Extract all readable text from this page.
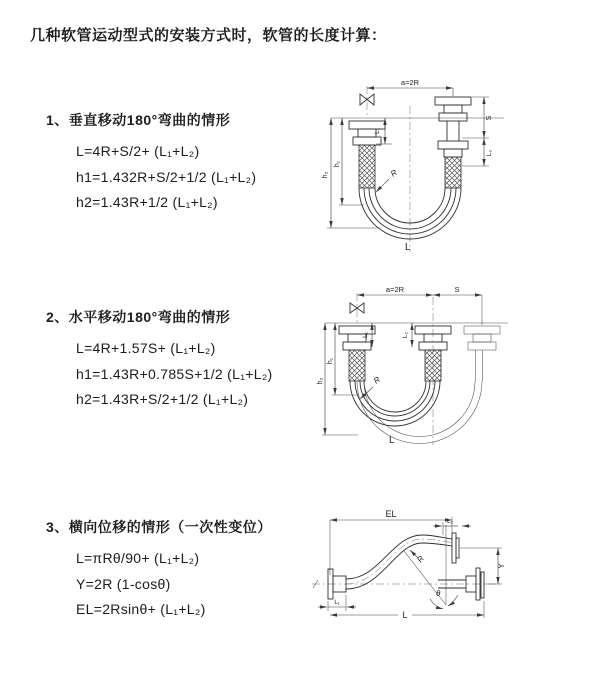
几种软管运动型式的安装方式时，软管的长度计算：
1、垂直移动180°弯曲的情形
L=4R+S/2+ (L₁+L₂)
h1=1.432R+S/2+1/2 (L₁+L₂)
h2=1.43R+1/2 (L₁+L₂)
2、水平移动180°弯曲的情形
L=4R+1.57S+ (L₁+L₂)
h1=1.43R+0.785S+1/2 (L₁+L₂)
h2=1.43R+S/2+1/2 (L₁+L₂)
3、横向位移的情形（一次性变位）
L=πRθ/90+ (L₁+L₂)
Y=2R (1-cosθ)
EL=2Rsinθ+ (L₁+L₂)
a=2R
h₂
h₁
L₁
S
L₂
R
L
a=2R	S
h₂
h₁
L₁	L₂
R
L
EL
L₂
Y
θ
R
L₁
L
